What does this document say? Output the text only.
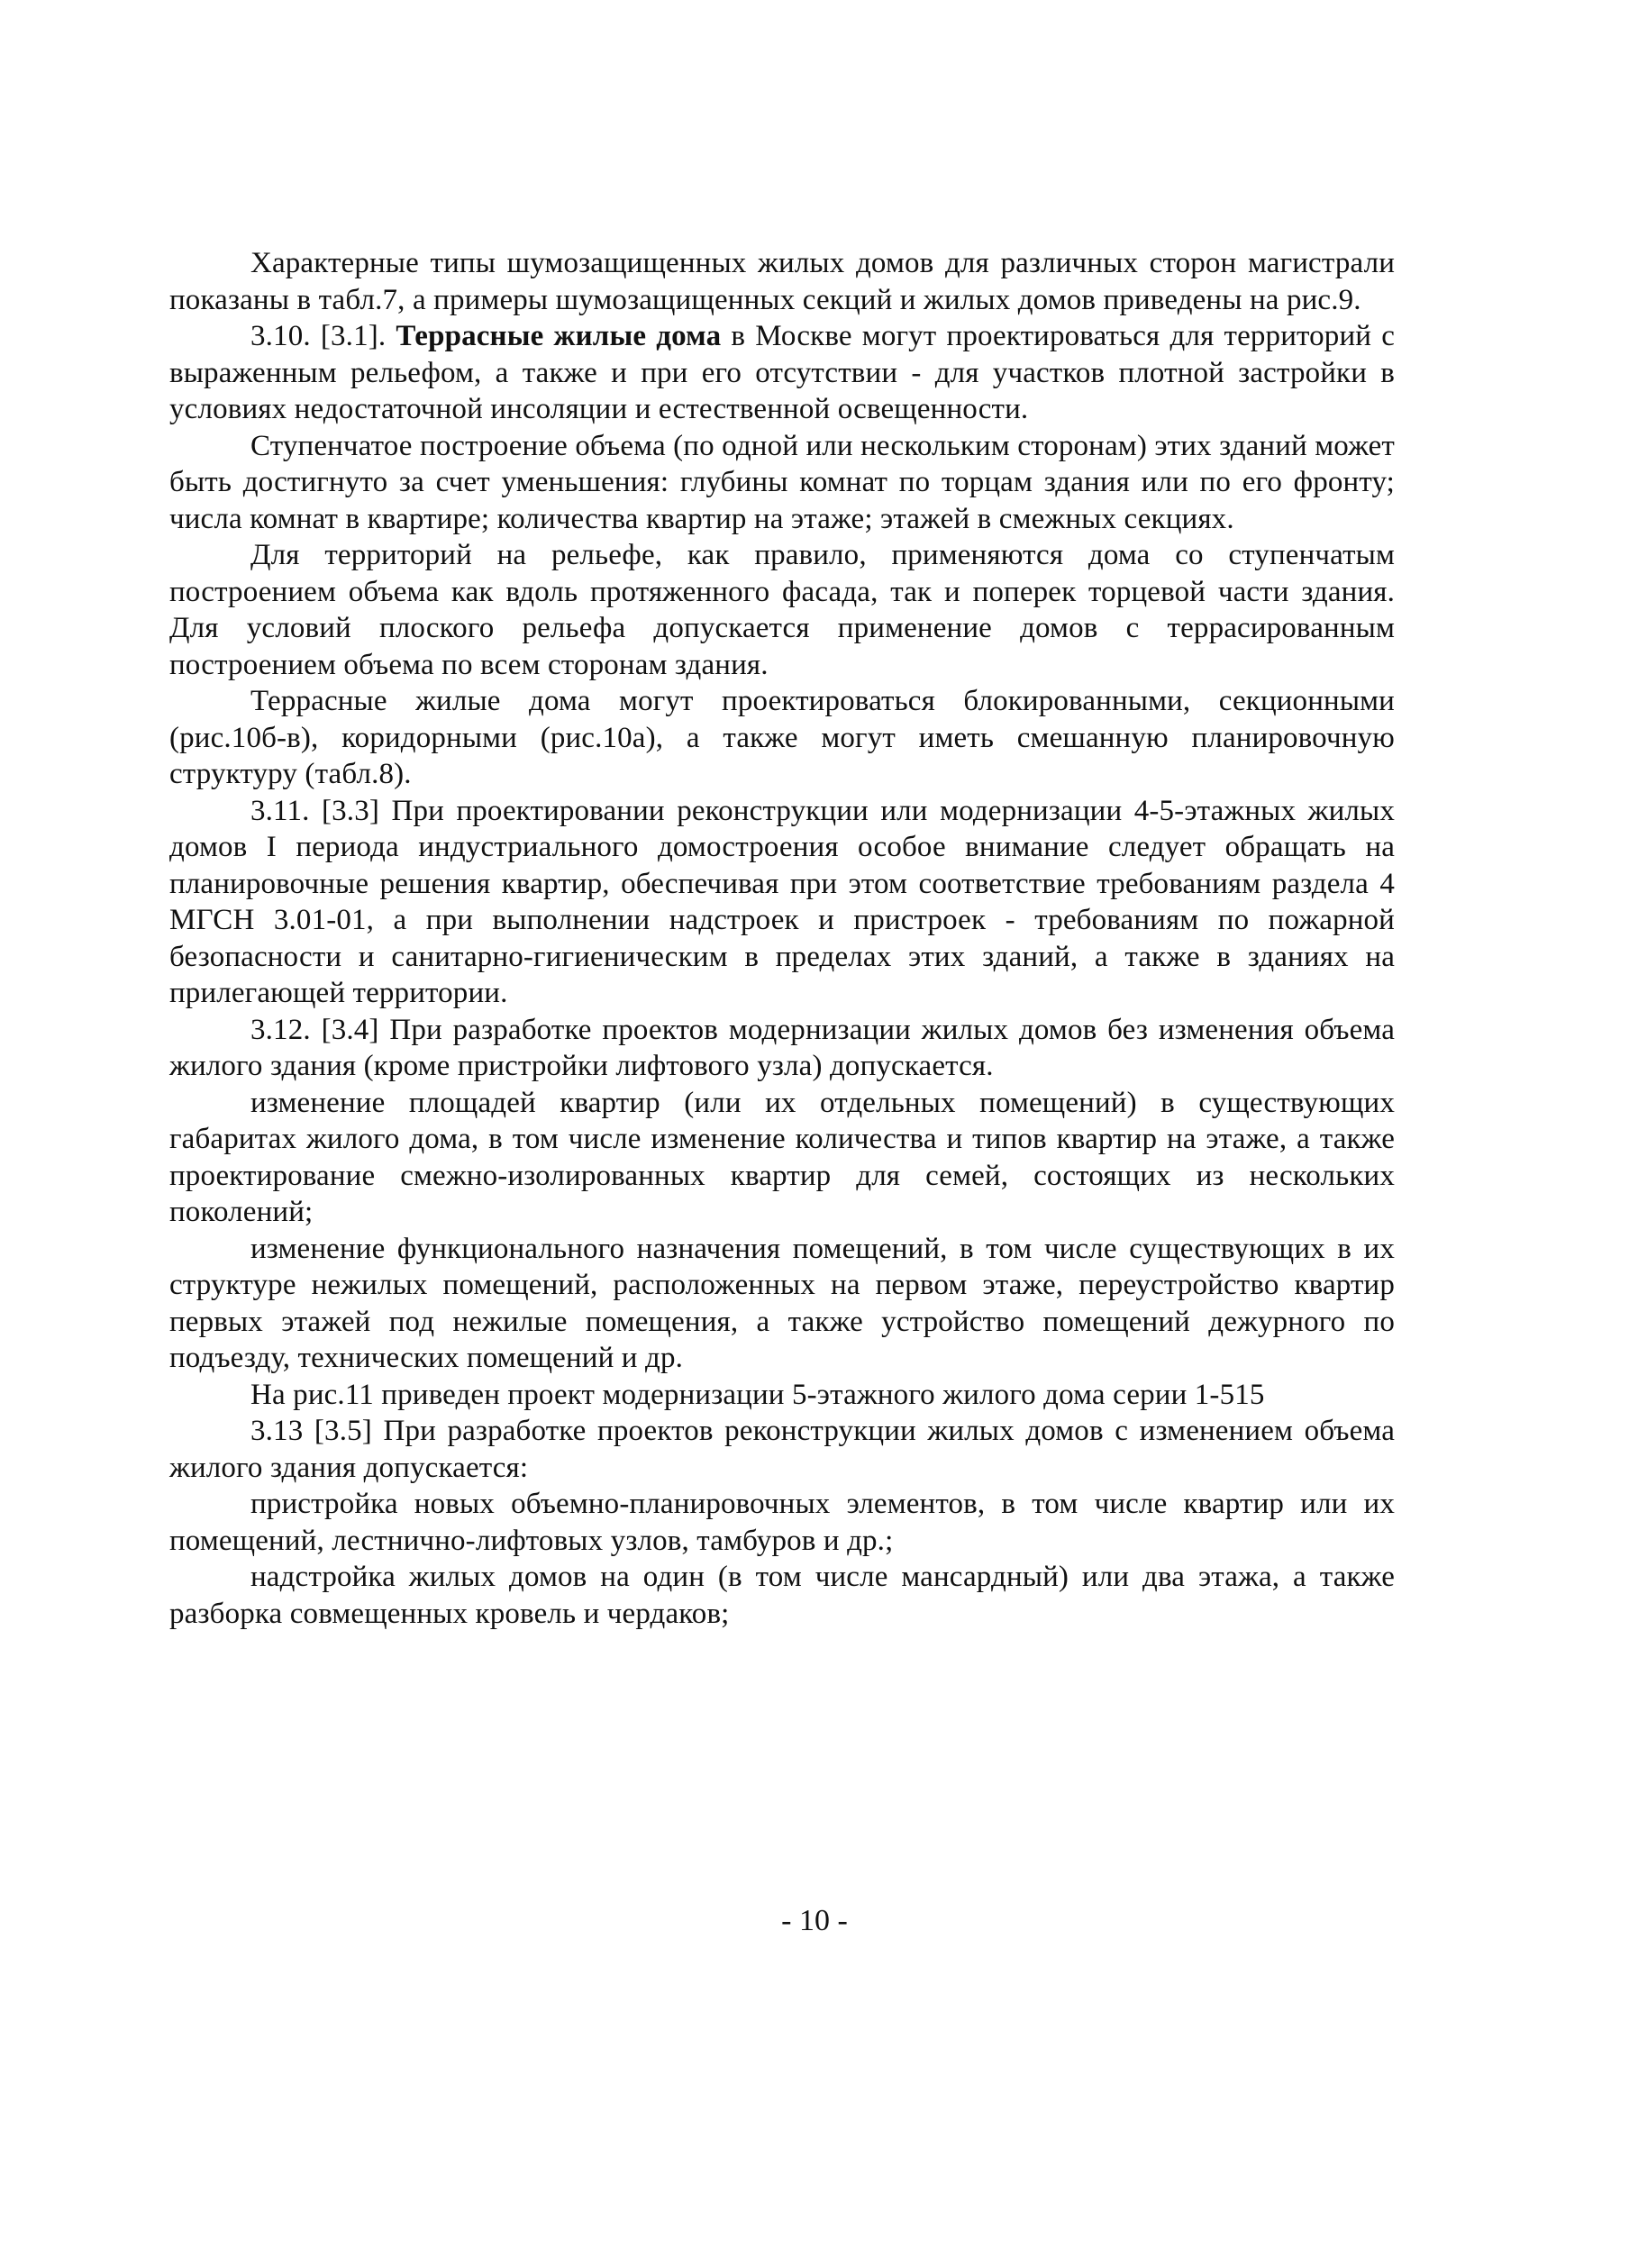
Характерные типы шумозащищенных жилых домов для различных сторон магистрали показаны в табл.7, а примеры шумозащищенных секций и жилых домов приведены на рис.9.

3.10. [3.1]. Террасные жилые дома в Москве могут проектироваться для территорий с выраженным рельефом, а также и при его отсутствии - для участков плотной застройки в условиях недостаточной инсоляции и естественной освещенности.

Ступенчатое построение объема (по одной или нескольким сторонам) этих зданий может быть достигнуто за счет уменьшения: глубины комнат по торцам здания или по его фронту; числа комнат в квартире; количества квартир на этаже; этажей в смежных секциях.

Для территорий на рельефе, как правило, применяются дома со ступенчатым построением объема как вдоль протяженного фасада, так и поперек торцевой части здания. Для условий плоского рельефа допускается применение домов с террасированным построением объема по всем сторонам здания.

Террасные жилые дома могут проектироваться блокированными, секционными (рис.10б-в), коридорными (рис.10а), а также могут иметь смешанную планировочную структуру (табл.8).

3.11. [3.3] При проектировании реконструкции или модернизации 4-5-этажных жилых домов I периода индустриального домостроения особое внимание следует обращать на планировочные решения квартир, обеспечивая при этом соответствие требованиям раздела 4 МГСН 3.01-01, а при выполнении надстроек и пристроек - требованиям по пожарной безопасности и санитарно-гигиеническим в пределах этих зданий, а также в зданиях на прилегающей территории.

3.12. [3.4] При разработке проектов модернизации жилых домов без изменения объема жилого здания (кроме пристройки лифтового узла) допускается.

изменение площадей квартир (или их отдельных помещений) в существующих габаритах жилого дома, в том числе изменение количества и типов квартир на этаже, а также проектирование смежно-изолированных квартир для семей, состоящих из нескольких поколений;

изменение функционального назначения помещений, в том числе существующих в их структуре нежилых помещений, расположенных на первом этаже, переустройство квартир первых этажей под нежилые помещения, а также устройство помещений дежурного по подъезду, технических помещений и др.

На рис.11 приведен проект модернизации 5-этажного жилого дома серии 1-515

3.13 [3.5] При разработке проектов реконструкции жилых домов с изменением объема жилого здания допускается:

пристройка новых объемно-планировочных элементов, в том числе квартир или их помещений, лестнично-лифтовых узлов, тамбуров и др.;

надстройка жилых домов на один (в том числе мансардный) или два этажа, а также разборка совмещенных кровель и чердаков;

- 10 -
